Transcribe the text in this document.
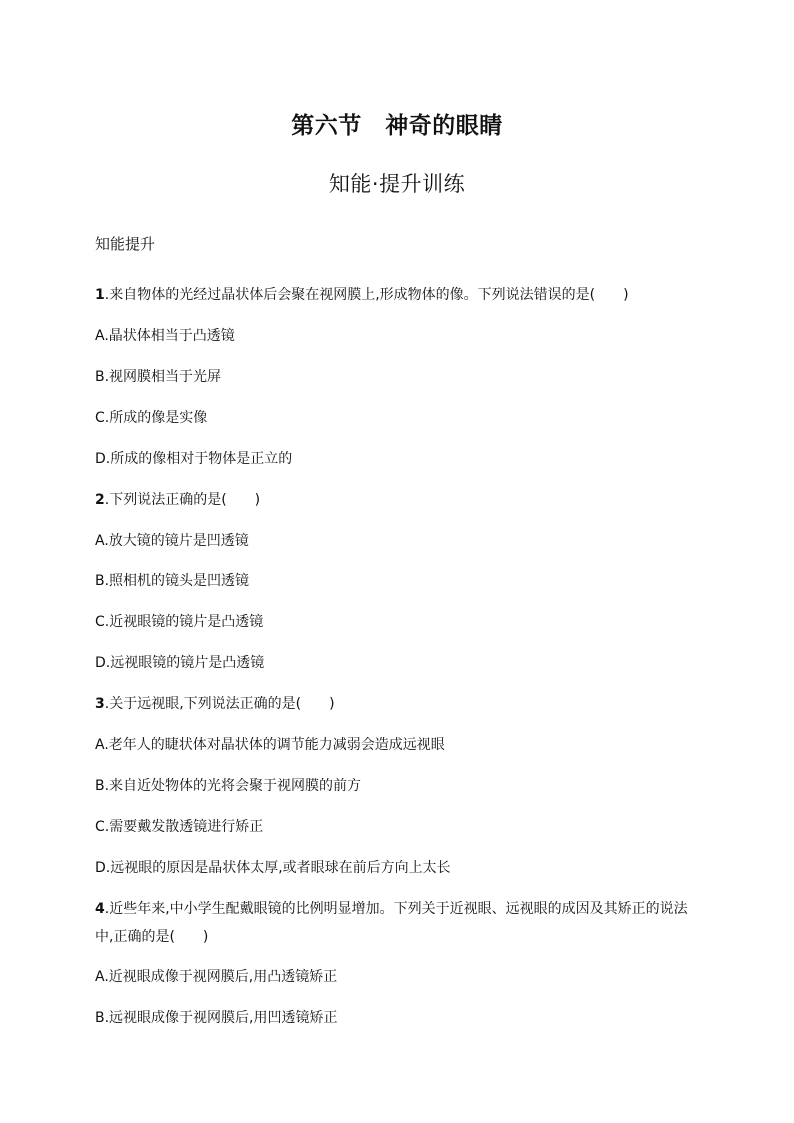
第六节　神奇的眼睛
知能·提升训练
知能提升
1.来自物体的光经过晶状体后会聚在视网膜上,形成物体的像。下列说法错误的是(　　)
A.晶状体相当于凸透镜
B.视网膜相当于光屏
C.所成的像是实像
D.所成的像相对于物体是正立的
2.下列说法正确的是(　　)
A.放大镜的镜片是凹透镜
B.照相机的镜头是凹透镜
C.近视眼镜的镜片是凸透镜
D.远视眼镜的镜片是凸透镜
3.关于远视眼,下列说法正确的是(　　)
A.老年人的睫状体对晶状体的调节能力减弱会造成远视眼
B.来自近处物体的光将会聚于视网膜的前方
C.需要戴发散透镜进行矫正
D.远视眼的原因是晶状体太厚,或者眼球在前后方向上太长
4.近些年来,中小学生配戴眼镜的比例明显增加。下列关于近视眼、远视眼的成因及其矫正的说法
中,正确的是(　　)
A.近视眼成像于视网膜后,用凸透镜矫正
B.远视眼成像于视网膜后,用凹透镜矫正
